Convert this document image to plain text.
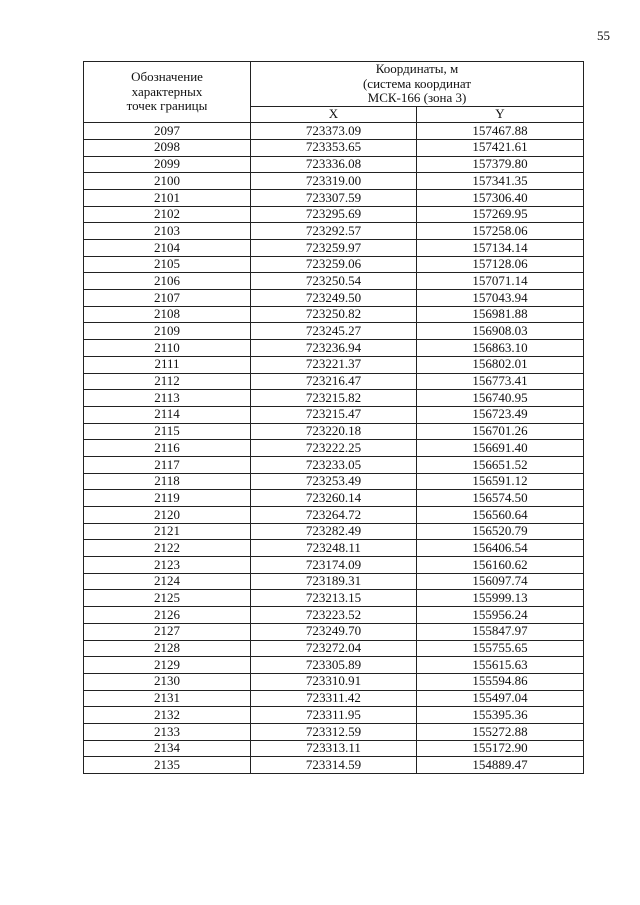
55
Обозначение
характерных
точек границы	Координаты, м
(система координат
МСК-166 (зона 3)	

	X	Y
2097	723373.09	157467.88
2098	723353.65	157421.61
2099	723336.08	157379.80
2100	723319.00	157341.35
2101	723307.59	157306.40
2102	723295.69	157269.95
2103	723292.57	157258.06
2104	723259.97	157134.14
2105	723259.06	157128.06
2106	723250.54	157071.14
2107	723249.50	157043.94
2108	723250.82	156981.88
2109	723245.27	156908.03
2110	723236.94	156863.10
2111	723221.37	156802.01
2112	723216.47	156773.41
2113	723215.82	156740.95
2114	723215.47	156723.49
2115	723220.18	156701.26
2116	723222.25	156691.40
2117	723233.05	156651.52
2118	723253.49	156591.12
2119	723260.14	156574.50
2120	723264.72	156560.64
2121	723282.49	156520.79
2122	723248.11	156406.54
2123	723174.09	156160.62
2124	723189.31	156097.74
2125	723213.15	155999.13
2126	723223.52	155956.24
2127	723249.70	155847.97
2128	723272.04	155755.65
2129	723305.89	155615.63
2130	723310.91	155594.86
2131	723311.42	155497.04
2132	723311.95	155395.36
2133	723312.59	155272.88
2134	723313.11	155172.90
2135	723314.59	154889.47
